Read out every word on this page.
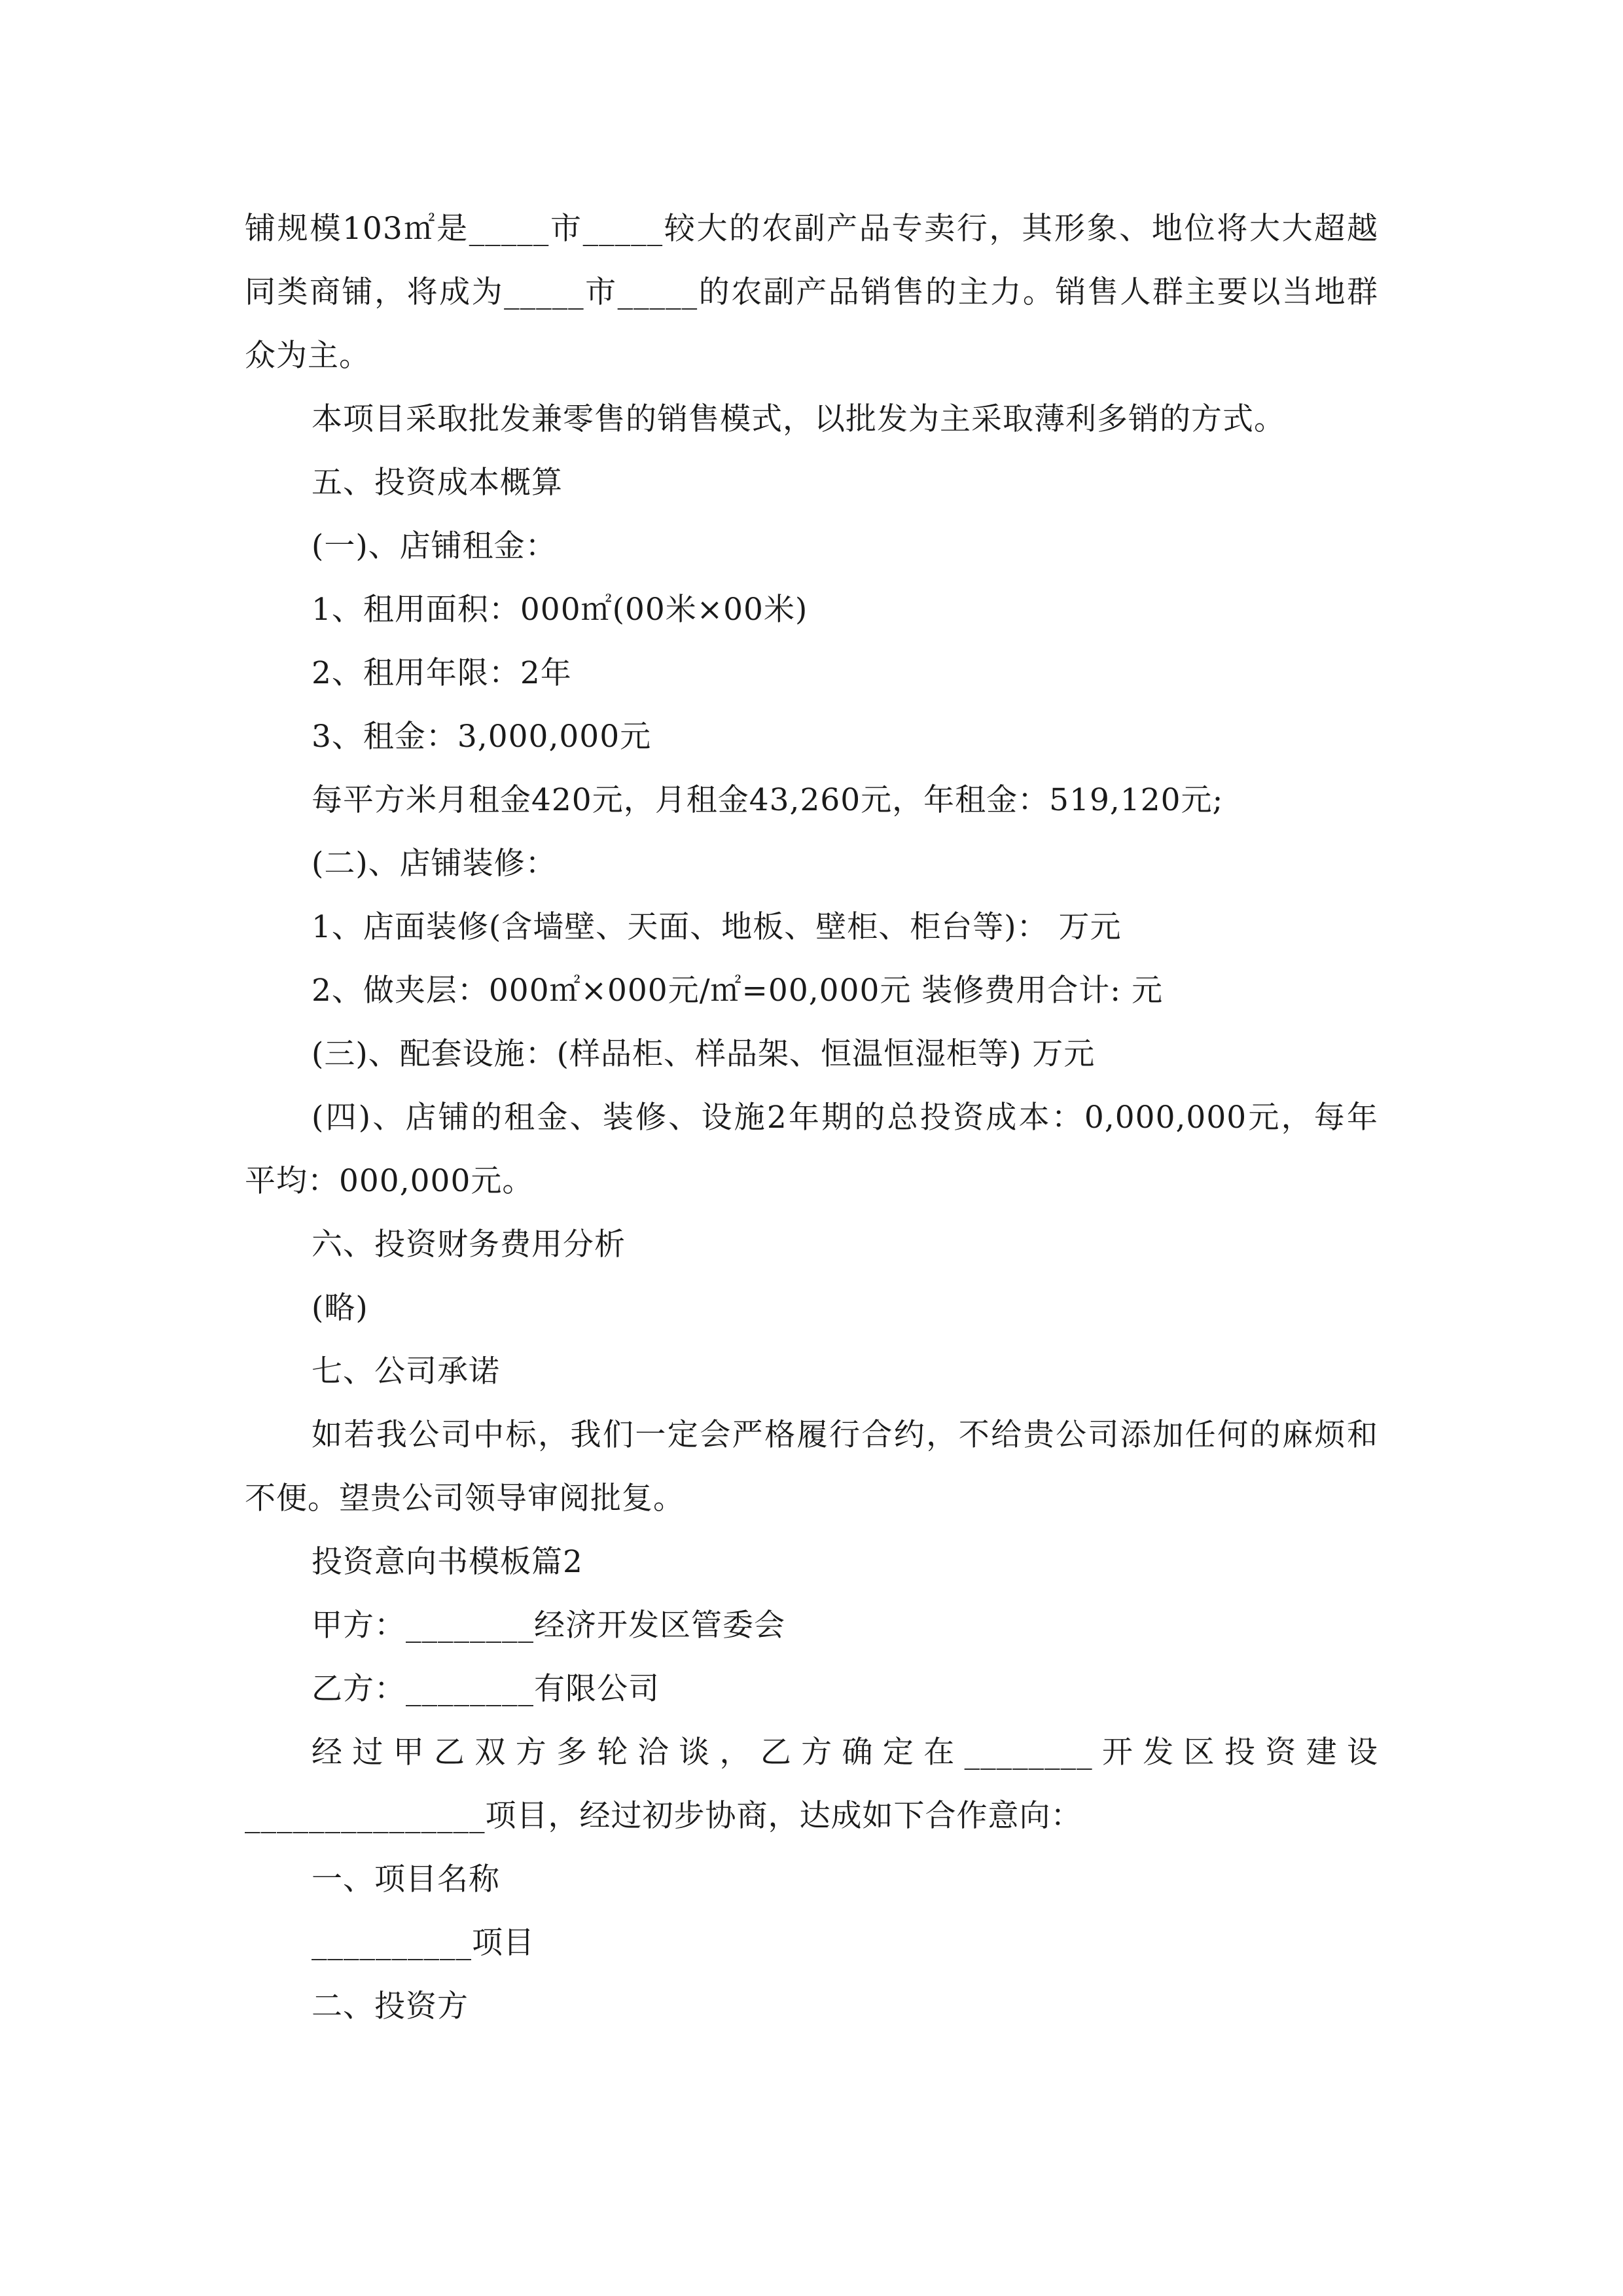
铺规模103㎡是_____市_____较大的农副产品专卖行，其形象、地位将大大超越
同类商铺，将成为_____市_____的农副产品销售的主力。销售人群主要以当地群
众为主。
本项目采取批发兼零售的销售模式，以批发为主采取薄利多销的方式。
五、投资成本概算
(一)、店铺租金：
1、租用面积：000㎡(00米×00米)
2、租用年限：2年
3、租金：3,000,000元
每平方米月租金420元，月租金43,260元，年租金：519,120元;
(二)、店铺装修：
1、店面装修(含墙壁、天面、地板、壁柜、柜台等)： 万元
2、做夹层：000㎡×000元/㎡=00,000元 装修费用合计: 元
(三)、配套设施：(样品柜、样品架、恒温恒湿柜等) 万元
(四)、店铺的租金、装修、设施2年期的总投资成本：0,000,000元，每年
平均：000,000元。
六、投资财务费用分析
(略)
七、公司承诺
如若我公司中标，我们一定会严格履行合约，不给贵公司添加任何的麻烦和
不便。望贵公司领导审阅批复。
投资意向书模板篇2
甲方：________经济开发区管委会
乙方：________有限公司
经过甲乙双方多轮洽谈，乙方确定在________开发区投资建设
_______________项目，经过初步协商，达成如下合作意向：
一、项目名称
__________项目
二、投资方
